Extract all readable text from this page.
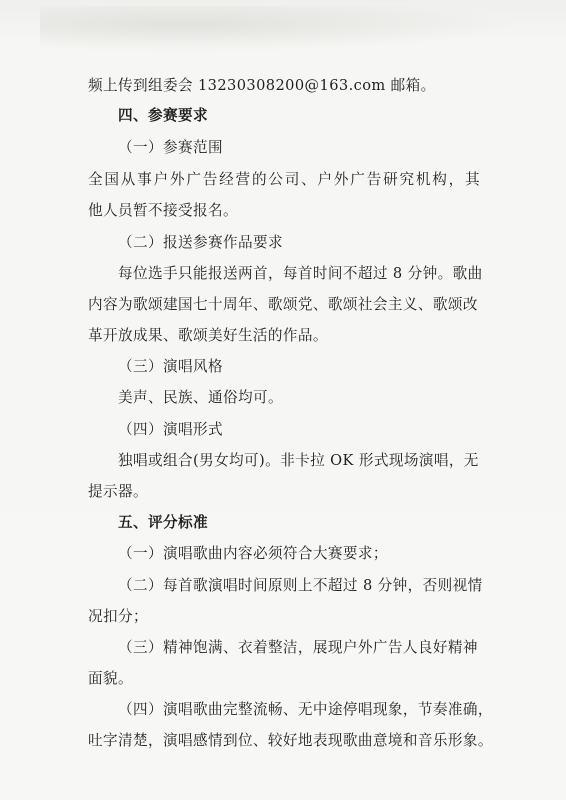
频上传到组委会 13230308200@163.com 邮箱。
四、参赛要求
（一）参赛范围
全国从事户外广告经营的公司、户外广告研究机构，其
他人员暂不接受报名。
（二）报送参赛作品要求
每位选手只能报送两首，每首时间不超过 8 分钟。歌曲
内容为歌颂建国七十周年、歌颂党、歌颂社会主义、歌颂改
革开放成果、歌颂美好生活的作品。
（三）演唱风格
美声、民族、通俗均可。
（四）演唱形式
独唱或组合(男女均可)。非卡拉 OK 形式现场演唱，无
提示器。
五、评分标准
（一）演唱歌曲内容必须符合大赛要求；
（二）每首歌演唱时间原则上不超过 8 分钟，否则视情
况扣分；
（三）精神饱满、衣着整洁，展现户外广告人良好精神
面貌。
（四）演唱歌曲完整流畅、无中途停唱现象，节奏准确，
吐字清楚，演唱感情到位、较好地表现歌曲意境和音乐形象。
